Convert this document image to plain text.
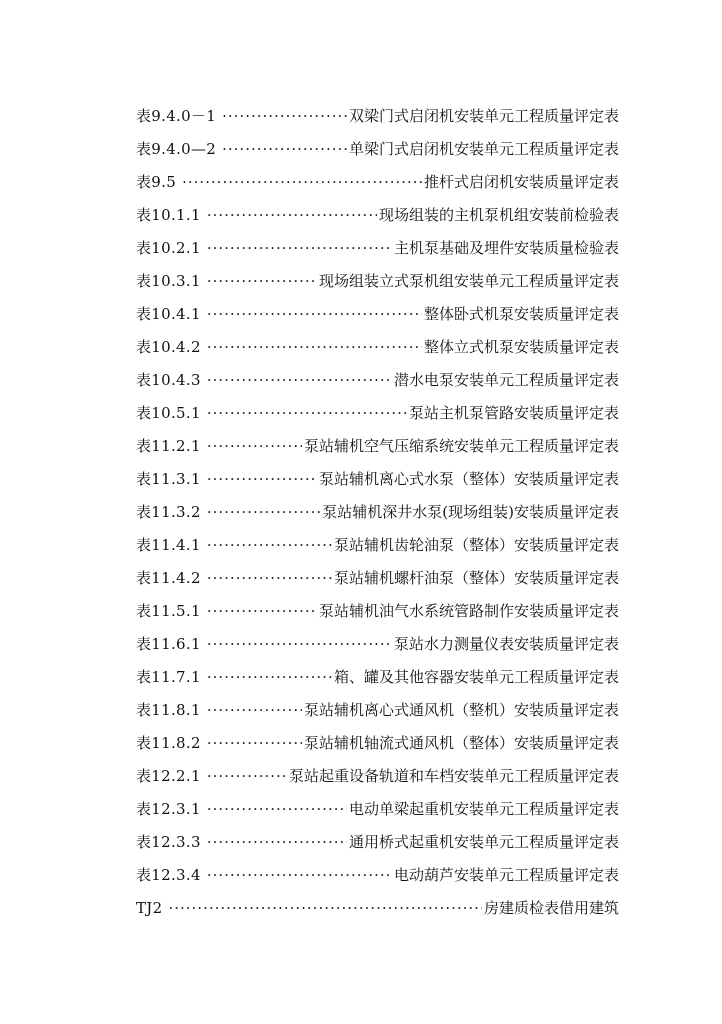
表9.4.0－1 ·····	双梁门式启闭机安装单元工程质量评定表
表9.4.0—2 ·····	单梁门式启闭机安装单元工程质量评定表
表9.5 ·····	推杆式启闭机安装质量评定表
表10.1.1 ·····	现场组装的主机泵机组安装前检验表
表10.2.1 ·····	主机泵基础及埋件安装质量检验表
表10.3.1 ·····	现场组装立式泵机组安装单元工程质量评定表
表10.4.1 ·····	整体卧式机泵安装质量评定表
表10.4.2 ·····	整体立式机泵安装质量评定表
表10.4.3 ·····	潜水电泵安装单元工程质量评定表
表10.5.1 ·····	泵站主机泵管路安装质量评定表
表11.2.1 ·····	泵站辅机空气压缩系统安装单元工程质量评定表
表11.3.1 ·····	泵站辅机离心式水泵（整体）安装质量评定表
表11.3.2 ·····	泵站辅机深井水泵(现场组装)安装质量评定表
表11.4.1 ·····	泵站辅机齿轮油泵（整体）安装质量评定表
表11.4.2 ·····	泵站辅机螺杆油泵（整体）安装质量评定表
表11.5.1 ·····	泵站辅机油气水系统管路制作安装质量评定表
表11.6.1 ·····	泵站水力测量仪表安装质量评定表
表11.7.1 ·····	箱、罐及其他容器安装单元工程质量评定表
表11.8.1 ·····	泵站辅机离心式通风机（整机）安装质量评定表
表11.8.2 ·····	泵站辅机轴流式通风机（整体）安装质量评定表
表12.2.1 ·····	泵站起重设备轨道和车档安装单元工程质量评定表
表12.3.1 ·····	电动单梁起重机安装单元工程质量评定表
表12.3.3 ·····	通用桥式起重机安装单元工程质量评定表
表12.3.4 ·····	电动葫芦安装单元工程质量评定表
TJ2 ·····	房建质检表借用建筑
